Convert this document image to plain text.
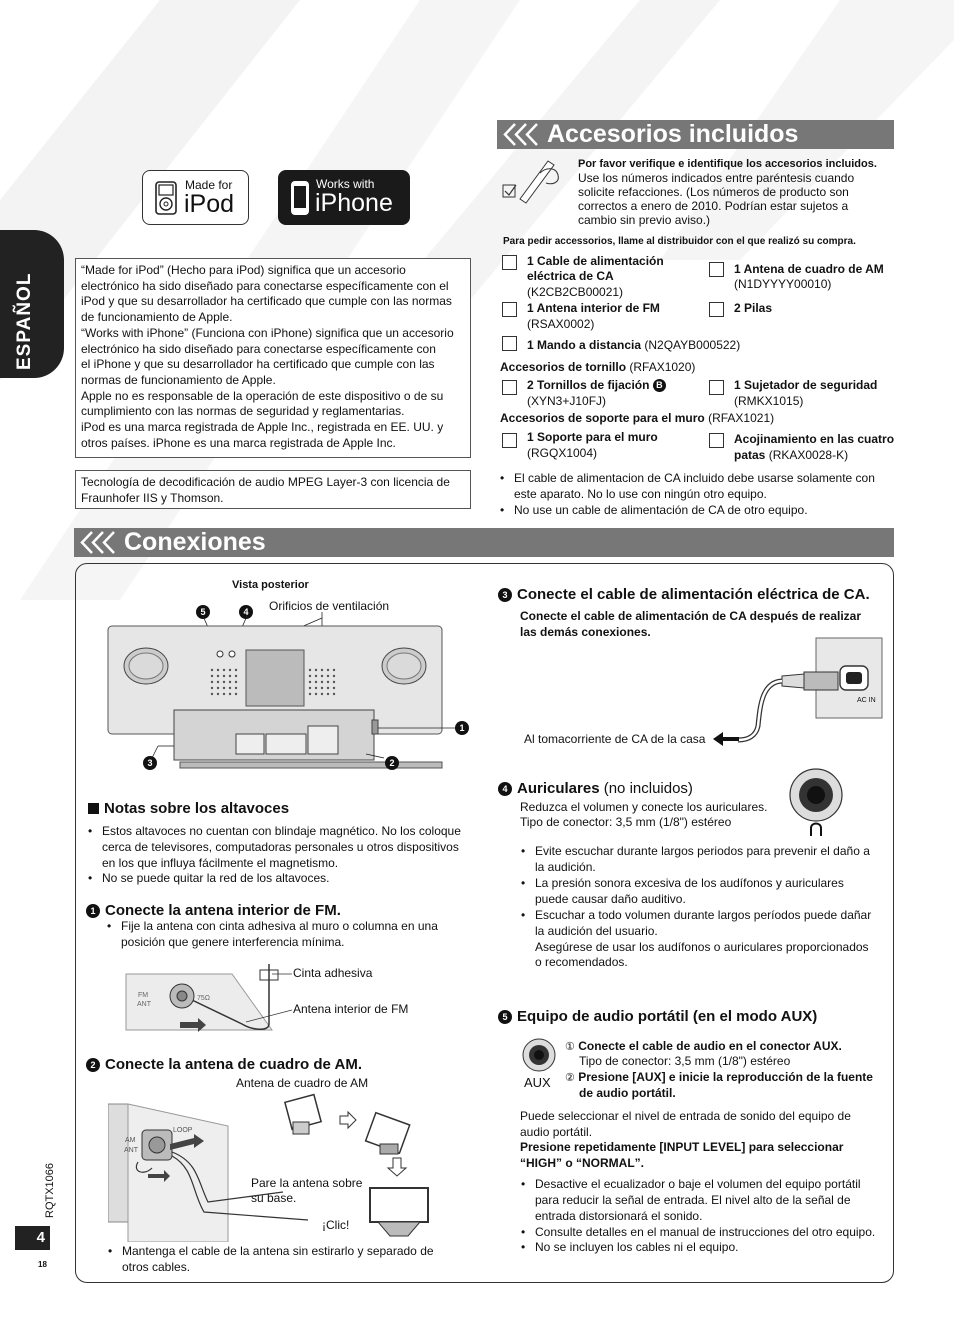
ESPAÑOL
Made for
iPod
Works with
iPhone
Tecnología de decodificación de audio MPEG Layer-3 con licencia de
Fraunhofer IIS y Thomson.
Accesorios incluidos
Por favor verifique e identifique los accesorios incluidos.
Use los números indicados entre paréntesis cuando
solicite refacciones. (Los números de producto son
correctos a enero de 2010. Podrían estar sujetos a
cambio sin previo aviso.)
Para pedir accessorios, llame al distribuidor con el que realizó su compra.
1 Cable de alimentación
eléctrica de CA
(K2CB2CB00021)
1 Antena de cuadro de AM
(N1DYYYY00010)
1 Antena interior de FM
(RSAX0002)
2 Pilas
1 Mando a distancia (N2QAYB000522)
Accesorios de tornillo (RFAX1020)
2 Tornillos de fijación B
(XYN3+J10FJ)
1 Sujetador de seguridad
(RMKX1015)
Accesorios de soporte para el muro (RFAX1021)
1 Soporte para el muro
(RGQX1004)
Acojinamiento en las cuatro
patas (RKAX0028-K)
• El cable de alimentacion de CA incluido debe usarse solamente con
este aparato. No lo use con ningún otro equipo.
• No use un cable de alimentación de CA de otro equipo.
Conexiones
Vista posterior
Orificios de ventilación
5	4
1
3	2
Notas sobre los altavoces
• Estos altavoces no cuentan con blindaje magnético. No los coloque
cerca de televisores, computadoras personales u otros dispositivos
en los que influya fácilmente el magnetismo.
• No se puede quitar la red de los altavoces.
1 Conecte la antena interior de FM.
• Fije la antena con cinta adhesiva al muro o columna en una
posición que genere interferencia mínima.
FM
ANT
75Ω
Cinta adhesiva
Antena interior de FM
2 Conecte la antena de cuadro de AM.
Antena de cuadro de AM
AM
ANT
LOOP
Pare la antena sobre
su base.
¡Clic!
• Mantenga el cable de la antena sin estirarlo y separado de
otros cables.
3 Conecte el cable de alimentación eléctrica de CA.
Conecte el cable de alimentación de CA después de realizar
las demás conexiones.
AC IN
Al tomacorriente de CA de la casa
4 Auriculares (no incluidos)
Reduzca el volumen y conecte los auriculares.
Tipo de conector: 3,5 mm (1/8") estéreo
• Evite escuchar durante largos periodos para prevenir el daño a
la audición.
• La presión sonora excesiva de los audífonos y auriculares
puede causar daño auditivo.
• Escuchar a todo volumen durante largos períodos puede dañar
la audición del usuario.
Asegúrese de usar los audífonos o auriculares proporcionados
o recomendados.
5 Equipo de audio portátil (en el modo AUX)
AUX
① Conecte el cable de audio en el conector AUX.
Tipo de conector: 3,5 mm (1/8") estéreo
② Presione [AUX] e inicie la reproducción de la fuente
de audio portátil.
Puede seleccionar el nivel de entrada de sonido del equipo de
audio portátil.
Presione repetidamente [INPUT LEVEL] para seleccionar
“HIGH” o “NORMAL”.
• Desactive el ecualizador o baje el volumen del equipo portátil
para reducir la señal de entrada. El nivel alto de la señal de
entrada distorsionará el sonido.
• Consulte detalles en el manual de instrucciones del otro equipo.
• No se incluyen los cables ni el equipo.
RQTX1066
4
18
“Made for iPod” (Hecho para iPod) significa que un accesorio
electrónico ha sido diseñado para conectarse específicamente con el
iPod y que su desarrollador ha certificado que cumple con las normas
de funcionamiento de Apple.
“Works with iPhone” (Funciona con iPhone) significa que un accesorio
electrónico ha sido diseñado para conectarse específicamente con
el iPhone y que su desarrollador ha certificado que cumple con las
normas de funcionamiento de Apple.
Apple no es responsable de la operación de este dispositivo o de su
cumplimiento con las normas de seguridad y reglamentarias.
iPod es una marca registrada de Apple Inc., registrada en EE. UU. y
otros países. iPhone es una marca registrada de Apple Inc.
